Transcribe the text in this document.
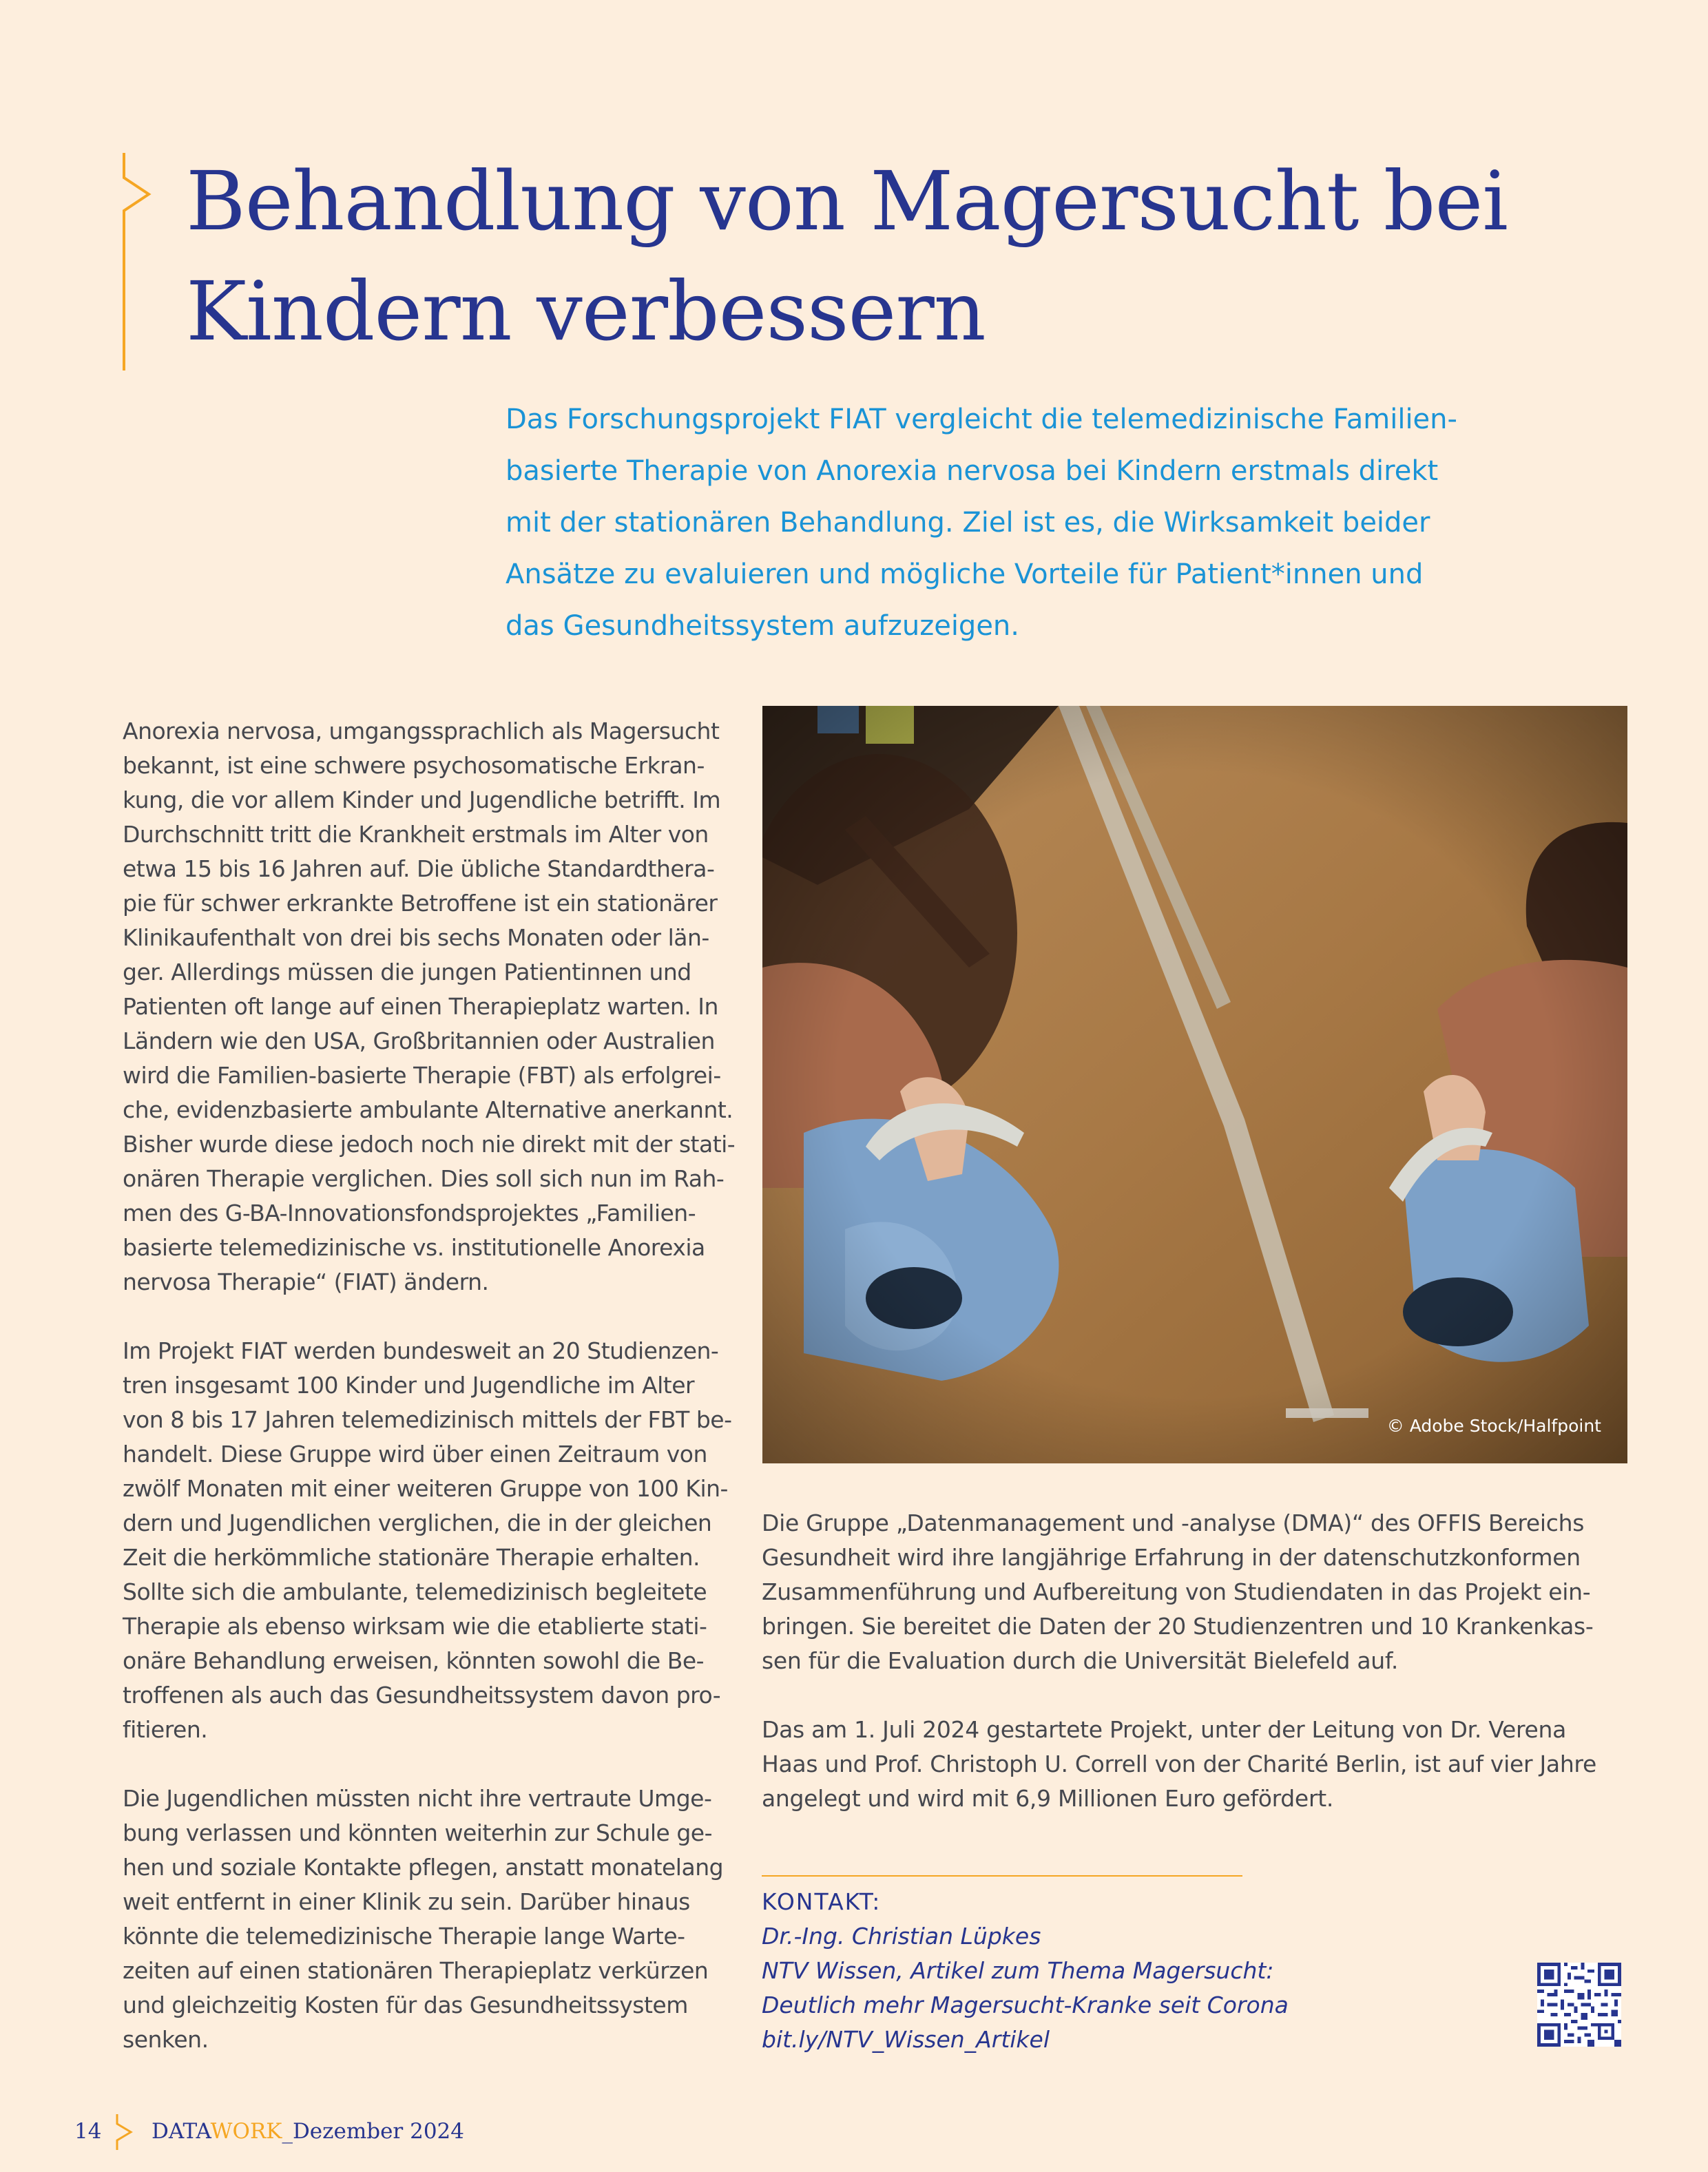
Behandlung von Magersucht bei
Kindern verbessern
Das Forschungsprojekt FIAT vergleicht die telemedizinische Familien-
basierte Therapie von Anorexia nervosa bei Kindern erstmals direkt
mit der stationären Behandlung. Ziel ist es, die Wirksamkeit beider
Ansätze zu evaluieren und mögliche Vorteile für Patient*innen und
das Gesundheitssystem aufzuzeigen.

Anorexia nervosa, umgangssprachlich als Magersucht
bekannt, ist eine schwere psychosomatische Erkran-
kung, die vor allem Kinder und Jugendliche betrifft. Im
Durchschnitt tritt die Krankheit erstmals im Alter von
etwa 15 bis 16 Jahren auf. Die übliche Standardthera-
pie für schwer erkrankte Betroffene ist ein stationärer
Klinikaufenthalt von drei bis sechs Monaten oder län-
ger. Allerdings müssen die jungen Patientinnen und
Patienten oft lange auf einen Therapieplatz warten. In
Ländern wie den USA, Großbritannien oder Australien
wird die Familien-basierte Therapie (FBT) als erfolgrei-
che, evidenzbasierte ambulante Alternative anerkannt.
Bisher wurde diese jedoch noch nie direkt mit der stati-
onären Therapie verglichen. Dies soll sich nun im Rah-
men des G-BA-Innovationsfondsprojektes „Familien-
basierte telemedizinische vs. institutionelle Anorexia
nervosa Therapie“ (FIAT) ändern.

Im Projekt FIAT werden bundesweit an 20 Studienzen-
tren insgesamt 100 Kinder und Jugendliche im Alter
von 8 bis 17 Jahren telemedizinisch mittels der FBT be-
handelt. Diese Gruppe wird über einen Zeitraum von
zwölf Monaten mit einer weiteren Gruppe von 100 Kin-
dern und Jugendlichen verglichen, die in der gleichen
Zeit die herkömmliche stationäre Therapie erhalten.
Sollte sich die ambulante, telemedizinisch begleitete
Therapie als ebenso wirksam wie die etablierte stati-
onäre Behandlung erweisen, könnten sowohl die Be-
troffenen als auch das Gesundheitssystem davon pro-
fitieren.

Die Jugendlichen müssten nicht ihre vertraute Umge-
bung verlassen und könnten weiterhin zur Schule ge-
hen und soziale Kontakte pflegen, anstatt monatelang
weit entfernt in einer Klinik zu sein. Darüber hinaus
könnte die telemedizinische Therapie lange Warte-
zeiten auf einen stationären Therapieplatz verkürzen
und gleichzeitig Kosten für das Gesundheitssystem
senken.

© Adobe Stock/Halfpoint

Die Gruppe „Datenmanagement und -analyse (DMA)“ des OFFIS Bereichs
Gesundheit wird ihre langjährige Erfahrung in der datenschutzkonformen
Zusammenführung und Aufbereitung von Studiendaten in das Projekt ein-
bringen. Sie bereitet die Daten der 20 Studienzentren und 10 Krankenkas-
sen für die Evaluation durch die Universität Bielefeld auf.

Das am 1. Juli 2024 gestartete Projekt, unter der Leitung von Dr. Verena
Haas und Prof. Christoph U. Correll von der Charité Berlin, ist auf vier Jahre
angelegt und wird mit 6,9 Millionen Euro gefördert.

KONTAKT:
Dr.-Ing. Christian Lüpkes
NTV Wissen, Artikel zum Thema Magersucht:
Deutlich mehr Magersucht-Kranke seit Corona
bit.ly/NTV_Wissen_Artikel
14 DATAWORK_Dezember 2024
